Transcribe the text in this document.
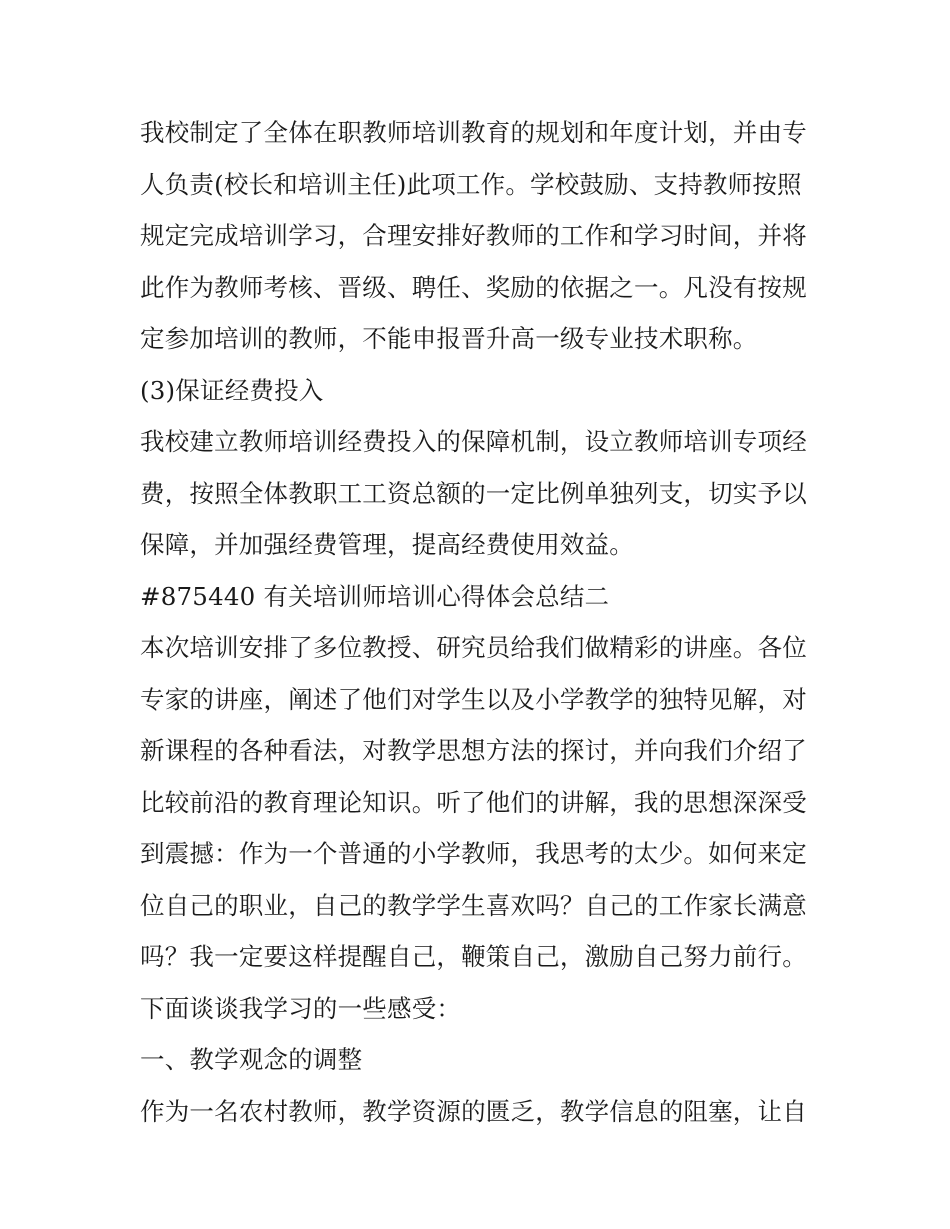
我校制定了全体在职教师培训教育的规划和年度计划，并由专
人负责(校长和培训主任)此项工作。学校鼓励、支持教师按照
规定完成培训学习，合理安排好教师的工作和学习时间，并将
此作为教师考核、晋级、聘任、奖励的依据之一。凡没有按规
定参加培训的教师，不能申报晋升高一级专业技术职称。
(3)保证经费投入
我校建立教师培训经费投入的保障机制，设立教师培训专项经
费，按照全体教职工工资总额的一定比例单独列支，切实予以
保障，并加强经费管理，提高经费使用效益。
#875440 有关培训师培训心得体会总结二
本次培训安排了多位教授、研究员给我们做精彩的讲座。各位
专家的讲座，阐述了他们对学生以及小学教学的独特见解，对
新课程的各种看法，对教学思想方法的探讨，并向我们介绍了
比较前沿的教育理论知识。听了他们的讲解，我的思想深深受
到震撼：作为一个普通的小学教师，我思考的太少。如何来定
位自己的职业，自己的教学学生喜欢吗？自己的工作家长满意
吗？我一定要这样提醒自己，鞭策自己，激励自己努力前行。
下面谈谈我学习的一些感受：
一、教学观念的调整
作为一名农村教师，教学资源的匮乏，教学信息的阻塞，让自
